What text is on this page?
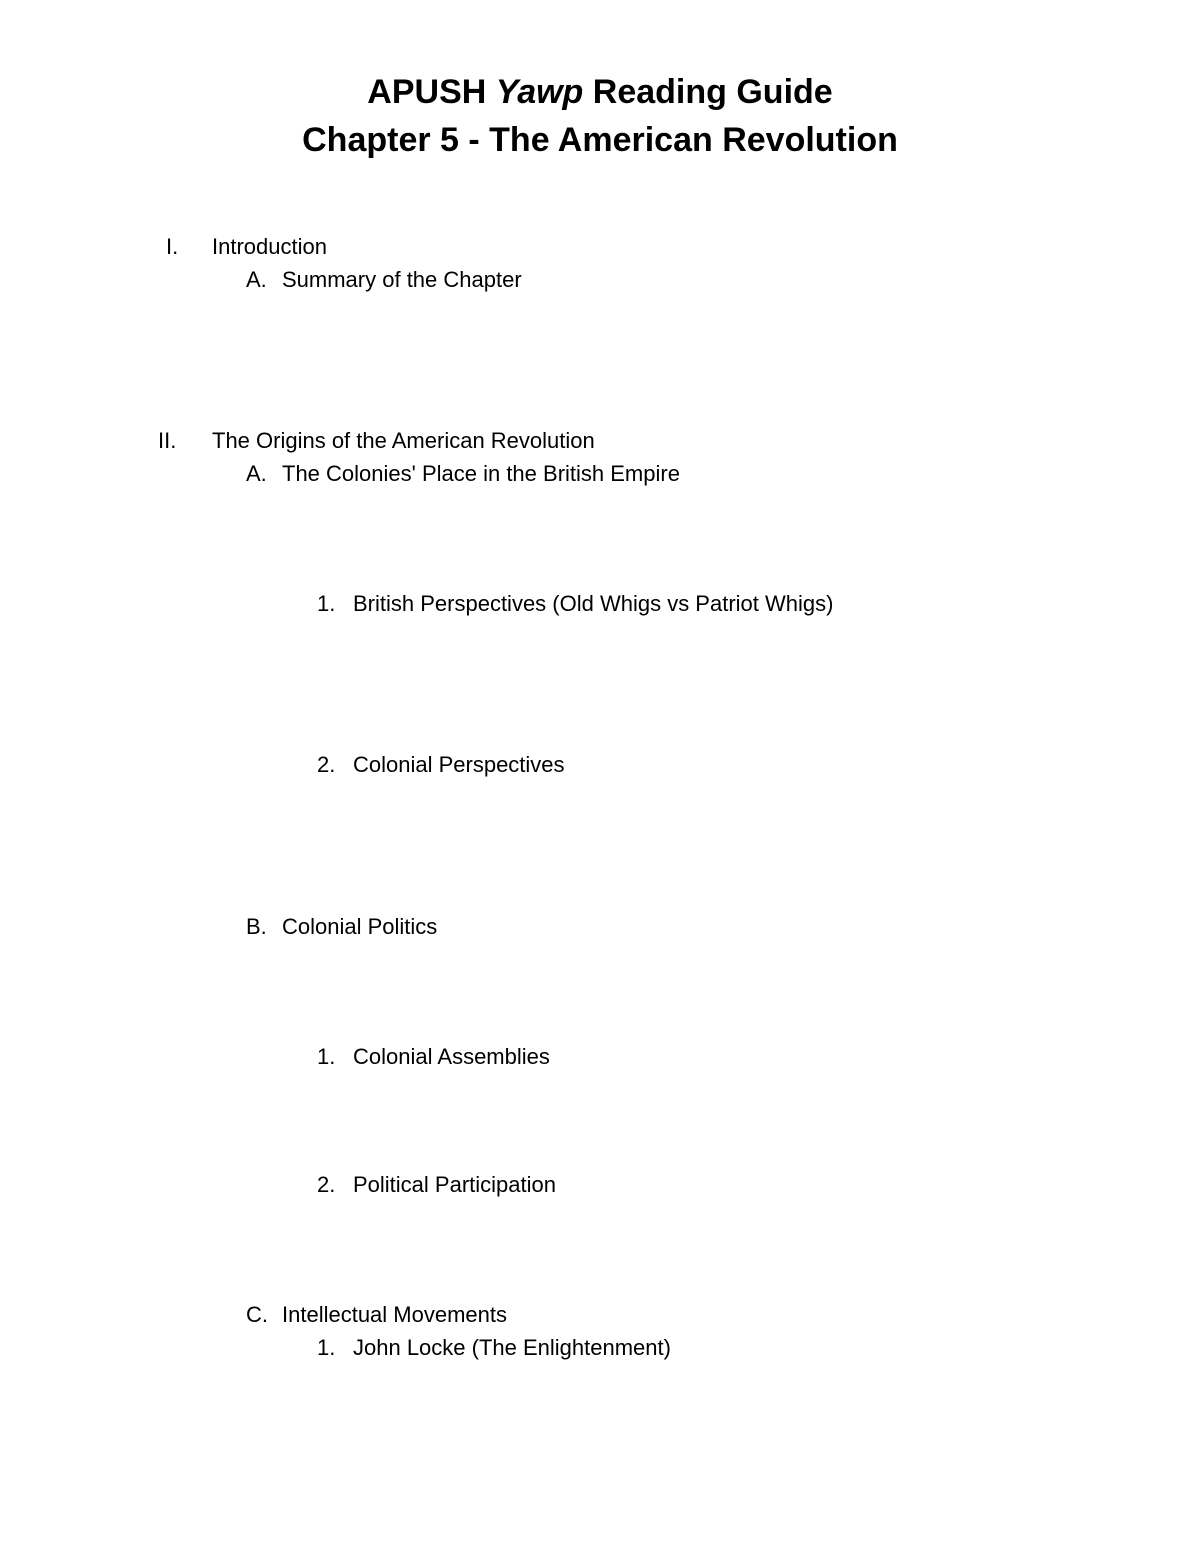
APUSH Yawp Reading Guide
Chapter 5 - The American Revolution
I. Introduction
A. Summary of the Chapter
II. The Origins of the American Revolution
A. The Colonies' Place in the British Empire
1. British Perspectives (Old Whigs vs Patriot Whigs)
2. Colonial Perspectives
B. Colonial Politics
1. Colonial Assemblies
2. Political Participation
C. Intellectual Movements
1. John Locke (The Enlightenment)
